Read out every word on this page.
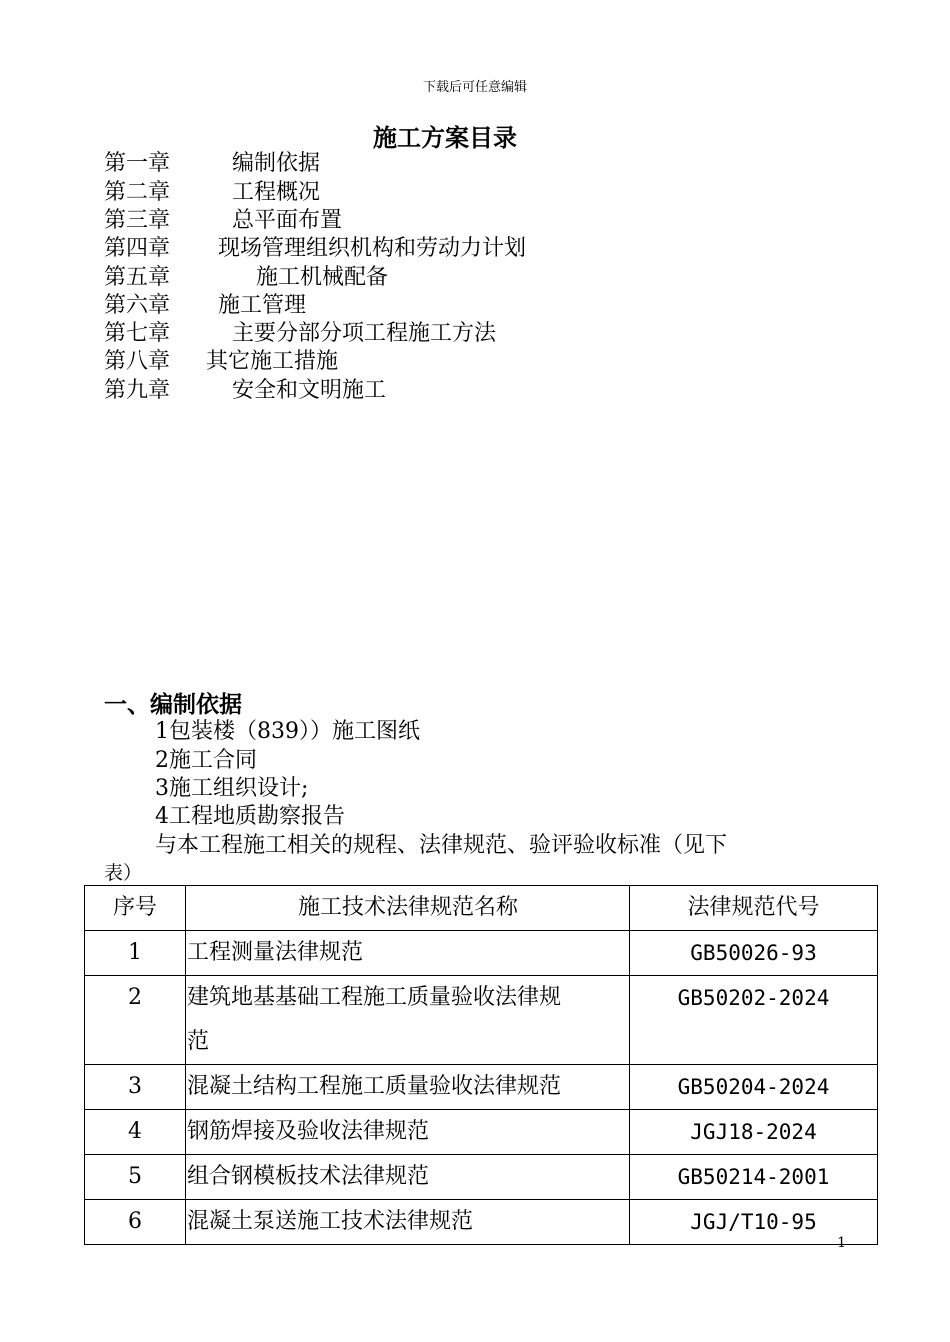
下载后可任意编辑
施工方案目录
第一章	编制依据
第二章	工程概况
第三章	总平面布置
第四章 现场管理组织机构和劳动力计划
第五章	施工机械配备
第六章 施工管理
第七章	主要分部分项工程施工方法
第八章 其它施工措施
第九章	安全和文明施工
一、编制依据
1包装楼（839））施工图纸
2施工合同
3施工组织设计;
4工程地质勘察报告
与本工程施工相关的规程、法律规范、验评验收标准（见下
表）
序号	施工技术法律规范名称	法律规范代号
1	工程测量法律规范	GB50026-93
2	建筑地基基础工程施工质量验收法律规
范	GB50202-2024
3	混凝土结构工程施工质量验收法律规范	GB50204-2024
4	钢筋焊接及验收法律规范	JGJ18-2024
5	组合钢模板技术法律规范	GB50214-2001
6	混凝土泵送施工技术法律规范	JGJ/T10-95
1
